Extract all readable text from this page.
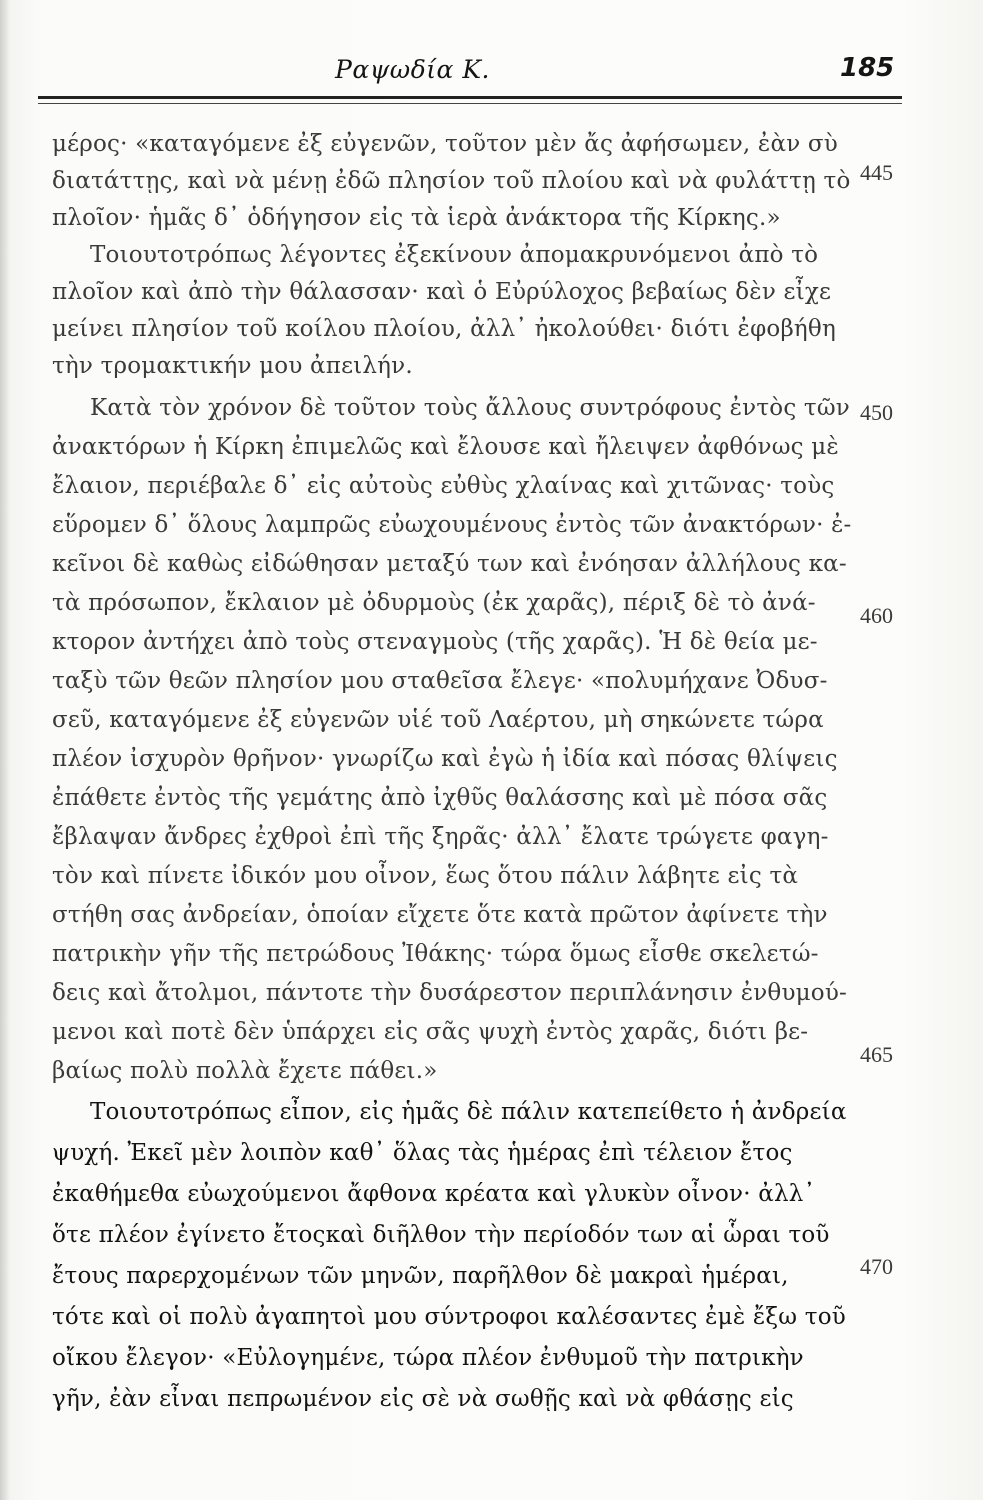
Ραψωδία Κ.	185
μέρος· «καταγόμενε ἐξ εὐγενῶν, τοῦτον μὲν ἄς ἀφήσωμεν, ἐὰν σὺ
διατάττῃς, καὶ νὰ μένῃ ἐδῶ πλησίον τοῦ πλοίου καὶ νὰ φυλάττῃ τὸ
πλοῖον· ἡμᾶς δ᾽ ὁδήγησον εἰς τὰ ἱερὰ ἀνάκτορα τῆς Κίρκης.»
Τοιουτοτρόπως λέγοντες ἐξεκίνουν ἀπομακρυνόμενοι ἀπὸ τὸ
πλοῖον καὶ ἀπὸ τὴν θάλασσαν· καὶ ὁ Εὐρύλοχος βεβαίως δὲν εἶχε
μείνει πλησίον τοῦ κοίλου πλοίου, ἀλλ᾽ ἠκολούθει· διότι ἐφοβήθη
τὴν τρομακτικήν μου ἀπειλήν.
Κατὰ τὸν χρόνον δὲ τοῦτον τοὺς ἄλλους συντρόφους ἐντὸς τῶν
ἀνακτόρων ἡ Κίρκη ἐπιμελῶς καὶ ἔλουσε καὶ ἤλειψεν ἀφθόνως μὲ
ἔλαιον, περιέβαλε δ᾽ εἰς αὐτοὺς εὐθὺς χλαίνας καὶ χιτῶνας· τοὺς
εὕρομεν δ᾽ ὅλους λαμπρῶς εὐωχουμένους ἐντὸς τῶν ἀνακτόρων· ἐ-
κεῖνοι δὲ καθὼς εἰδώθησαν μεταξύ των καὶ ἐνόησαν ἀλλήλους κα-
τὰ πρόσωπον, ἔκλαιον μὲ ὀδυρμοὺς (ἐκ χαρᾶς), πέριξ δὲ τὸ ἀνά-
κτορον ἀντήχει ἀπὸ τοὺς στεναγμοὺς (τῆς χαρᾶς). Ἡ δὲ θεία με-
ταξὺ τῶν θεῶν πλησίον μου σταθεῖσα ἔλεγε· «πολυμήχανε Ὀδυσ-
σεῦ, καταγόμενε ἐξ εὐγενῶν υἱέ τοῦ Λαέρτου, μὴ σηκώνετε τώρα
πλέον ἰσχυρὸν θρῆνον· γνωρίζω καὶ ἐγὼ ἡ ἰδία καὶ πόσας θλίψεις
ἐπάθετε ἐντὸς τῆς γεμάτης ἀπὸ ἰχθῦς θαλάσσης καὶ μὲ πόσα σᾶς
ἔβλαψαν ἄνδρες ἐχθροὶ ἐπὶ τῆς ξηρᾶς· ἀλλ᾽ ἔλατε τρώγετε φαγη-
τὸν καὶ πίνετε ἰδικόν μου οἶνον, ἕως ὅτου πάλιν λάβητε εἰς τὰ
στήθη σας ἀνδρείαν, ὁποίαν εἴχετε ὅτε κατὰ πρῶτον ἀφίνετε τὴν
πατρικὴν γῆν τῆς πετρώδους Ἰθάκης· τώρα ὅμως εἶσθε σκελετώ-
δεις καὶ ἄτολμοι, πάντοτε τὴν δυσάρεστον περιπλάνησιν ἐνθυμού-
μενοι καὶ ποτὲ δὲν ὑπάρχει εἰς σᾶς ψυχὴ ἐντὸς χαρᾶς, διότι βε-
βαίως πολὺ πολλὰ ἔχετε πάθει.»
Τοιουτοτρόπως εἶπον, εἰς ἡμᾶς δὲ πάλιν κατεπείθετο ἡ ἀνδρεία
ψυχή. Ἐκεῖ μὲν λοιπὸν καθ᾽ ὅλας τὰς ἡμέρας ἐπὶ τέλειον ἔτος
ἐκαθήμεθα εὐωχούμενοι ἄφθονα κρέατα καὶ γλυκὺν οἶνον· ἀλλ᾽
ὅτε πλέον ἐγίνετο ἔτοςκαὶ διῆλθον τὴν περίοδόν των αἱ ὧραι τοῦ
ἔτους παρερχομένων τῶν μηνῶν, παρῆλθον δὲ μακραὶ ἡμέραι,
τότε καὶ οἱ πολὺ ἀγαπητοὶ μου σύντροφοι καλέσαντες ἐμὲ ἔξω τοῦ
οἴκου ἔλεγον· «Εὐλογημένε, τώρα πλέον ἐνθυμοῦ τὴν πατρικὴν
γῆν, ἐὰν εἶναι πεπρωμένον εἰς σὲ νὰ σωθῇς καὶ νὰ φθάσῃς εἰς
445
450
460
465
470
